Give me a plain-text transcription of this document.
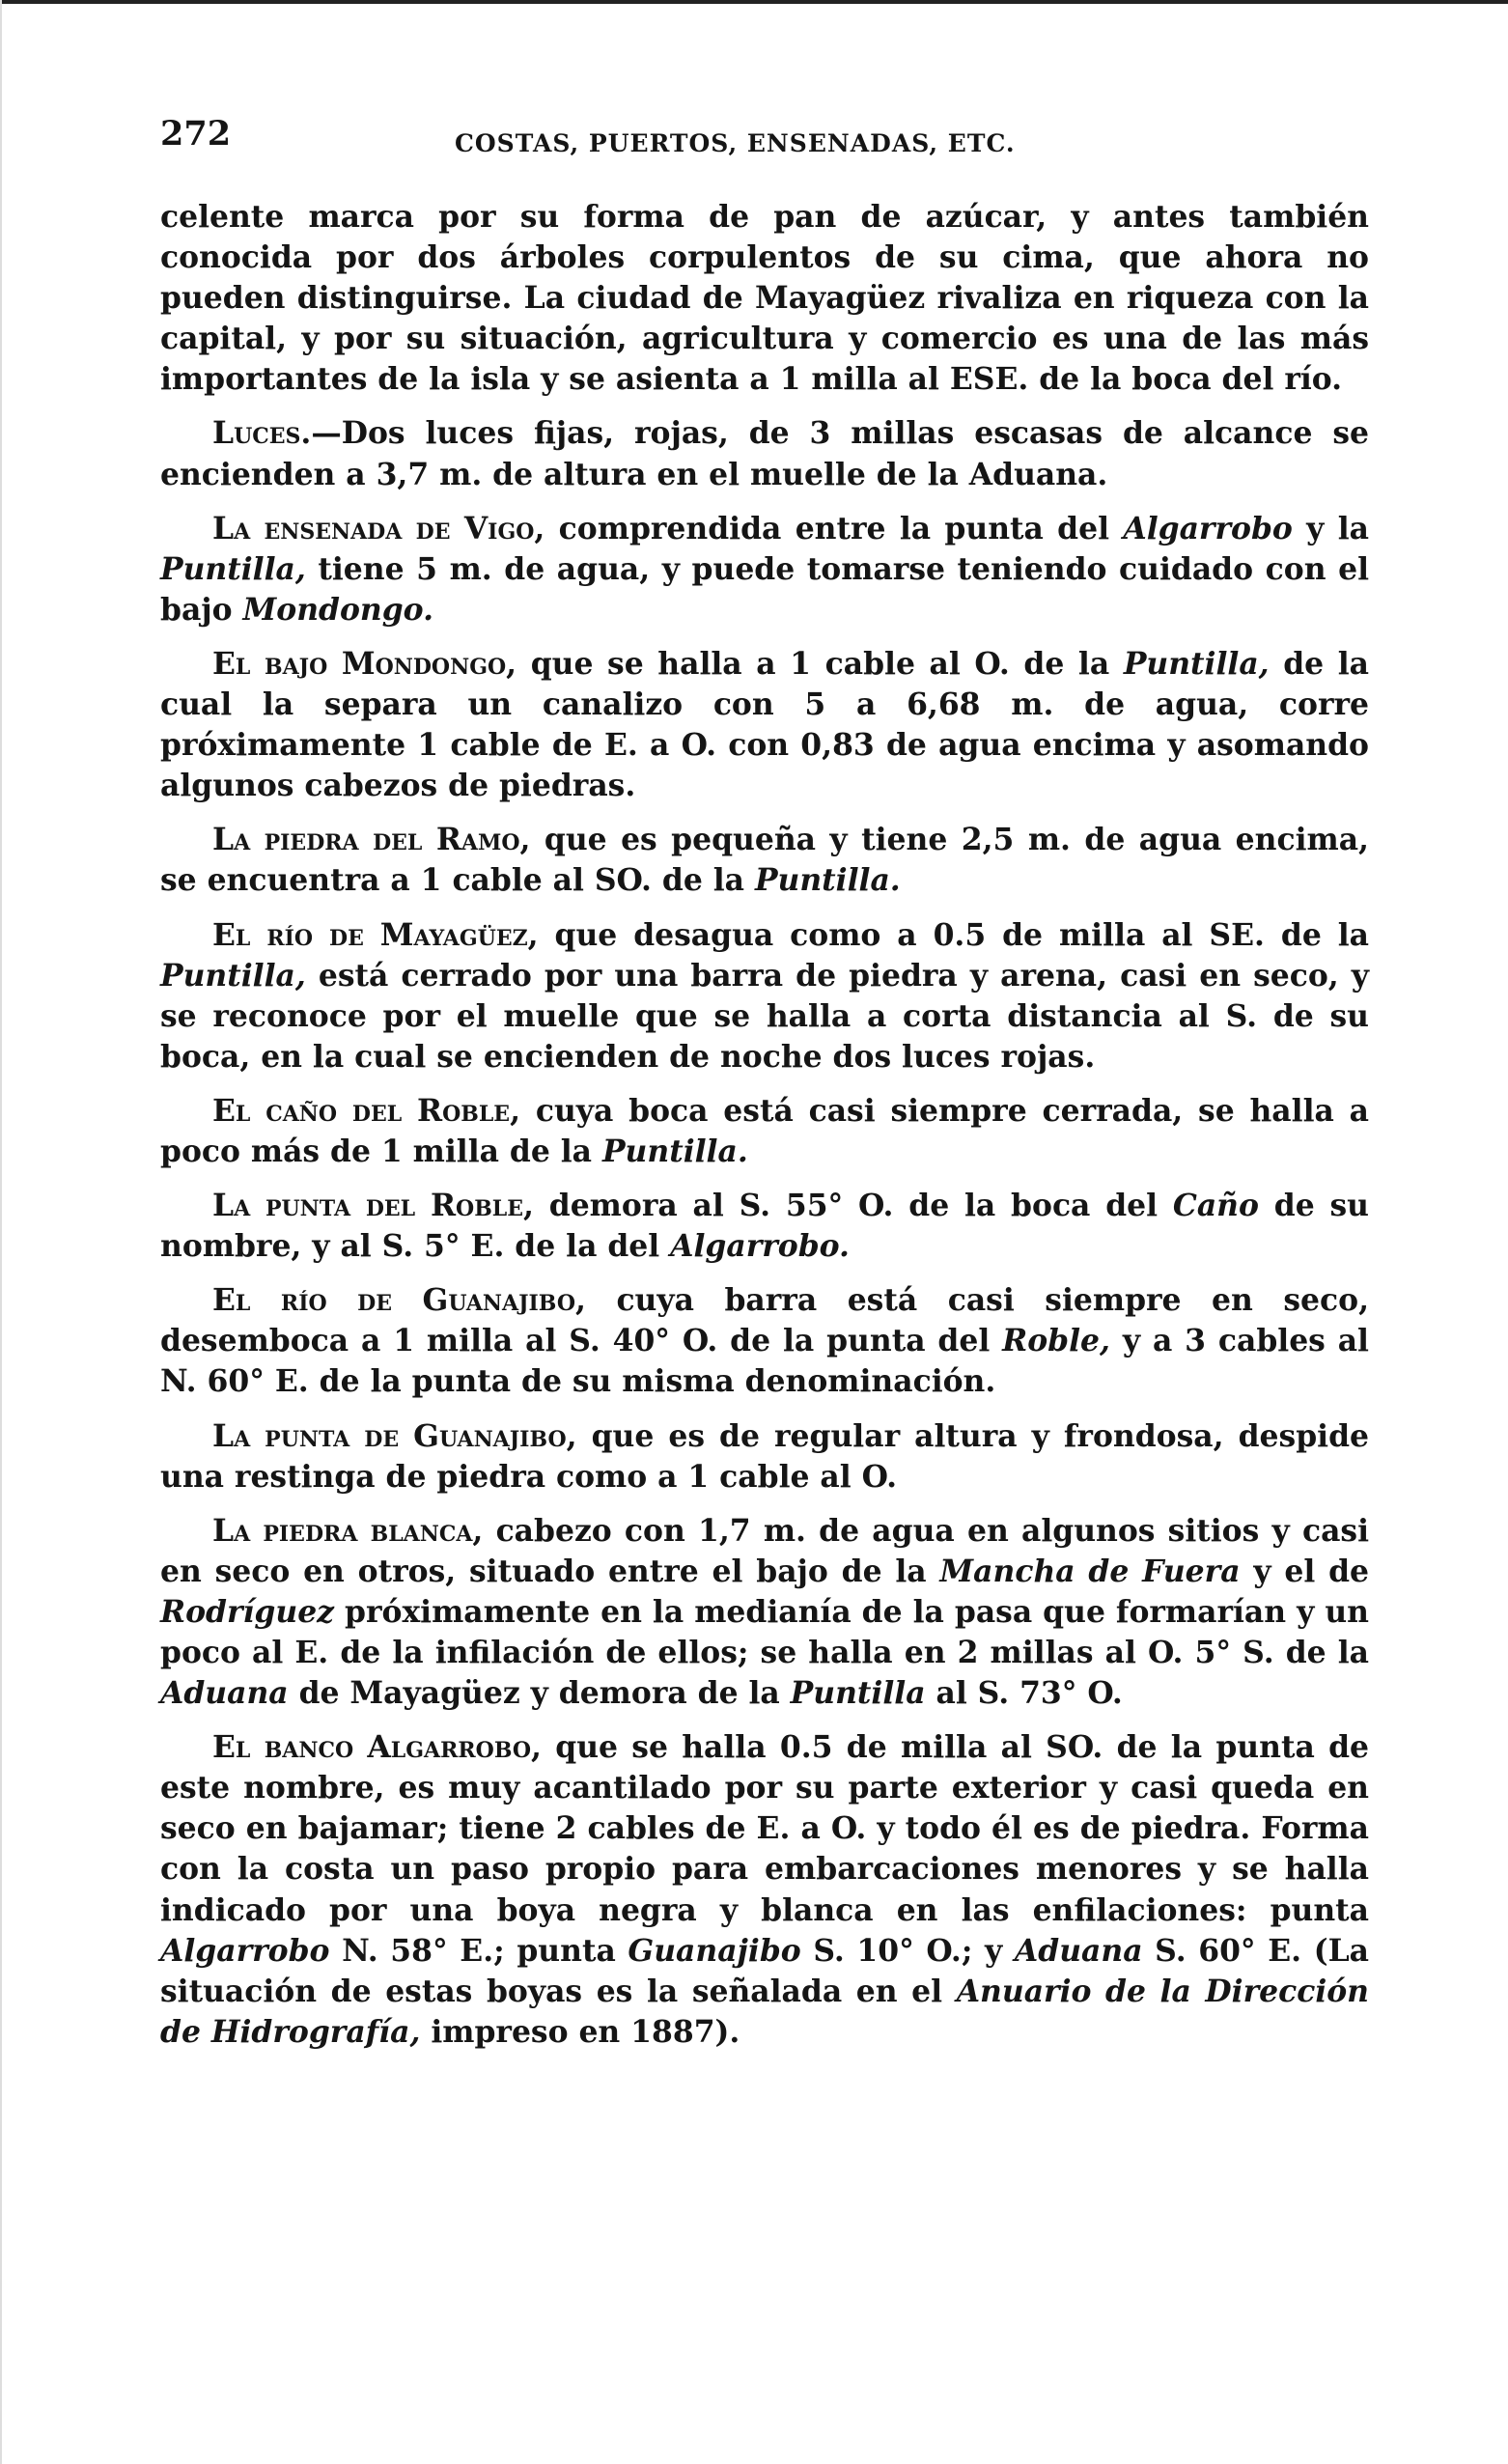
272	COSTAS, PUERTOS, ENSENADAS, ETC.

celente marca por su forma de pan de azúcar, y antes también conocida por dos árboles corpulentos de su cima, que ahora no pueden distinguirse. La ciudad de Mayagüez rivaliza en riqueza con la capital, y por su situación, agricultura y comercio es una de las más importantes de la isla y se asienta a 1 milla al ESE. de la boca del río.

Luces.—Dos luces fijas, rojas, de 3 millas escasas de alcance se encienden a 3,7 m. de altura en el muelle de la Aduana.

La ensenada de Vigo, comprendida entre la punta del Algarrobo y la Puntilla, tiene 5 m. de agua, y puede tomarse teniendo cuidado con el bajo Mondongo.

El bajo Mondongo, que se halla a 1 cable al O. de la Puntilla, de la cual la separa un canalizo con 5 a 6,68 m. de agua, corre próximamente 1 cable de E. a O. con 0,83 de agua encima y asomando algunos cabezos de piedras.

La piedra del Ramo, que es pequeña y tiene 2,5 m. de agua encima, se encuentra a 1 cable al SO. de la Puntilla.

El río de Mayagüez, que desagua como a 0.5 de milla al SE. de la Puntilla, está cerrado por una barra de piedra y arena, casi en seco, y se reconoce por el muelle que se halla a corta distancia al S. de su boca, en la cual se encienden de noche dos luces rojas.

El caño del Roble, cuya boca está casi siempre cerrada, se halla a poco más de 1 milla de la Puntilla.

La punta del Roble, demora al S. 55° O. de la boca del Caño de su nombre, y al S. 5° E. de la del Algarrobo.

El río de Guanajibo, cuya barra está casi siempre en seco, desemboca a 1 milla al S. 40° O. de la punta del Roble, y a 3 cables al N. 60° E. de la punta de su misma denominación.

La punta de Guanajibo, que es de regular altura y frondosa, despide una restinga de piedra como a 1 cable al O.

La piedra blanca, cabezo con 1,7 m. de agua en algunos sitios y casi en seco en otros, situado entre el bajo de la Mancha de Fuera y el de Rodríguez próximamente en la medianía de la pasa que formarían y un poco al E. de la infilación de ellos; se halla en 2 millas al O. 5° S. de la Aduana de Mayagüez y demora de la Puntilla al S. 73° O.

El banco Algarrobo, que se halla 0.5 de milla al SO. de la punta de este nombre, es muy acantilado por su parte exterior y casi queda en seco en bajamar; tiene 2 cables de E. a O. y todo él es de piedra. Forma con la costa un paso propio para embarcaciones menores y se halla indicado por una boya negra y blanca en las enfilaciones: punta Algarrobo N. 58° E.; punta Guanajibo S. 10° O.; y Aduana S. 60° E. (La situación de estas boyas es la señalada en el Anuario de la Dirección de Hidrografía, impreso en 1887).
